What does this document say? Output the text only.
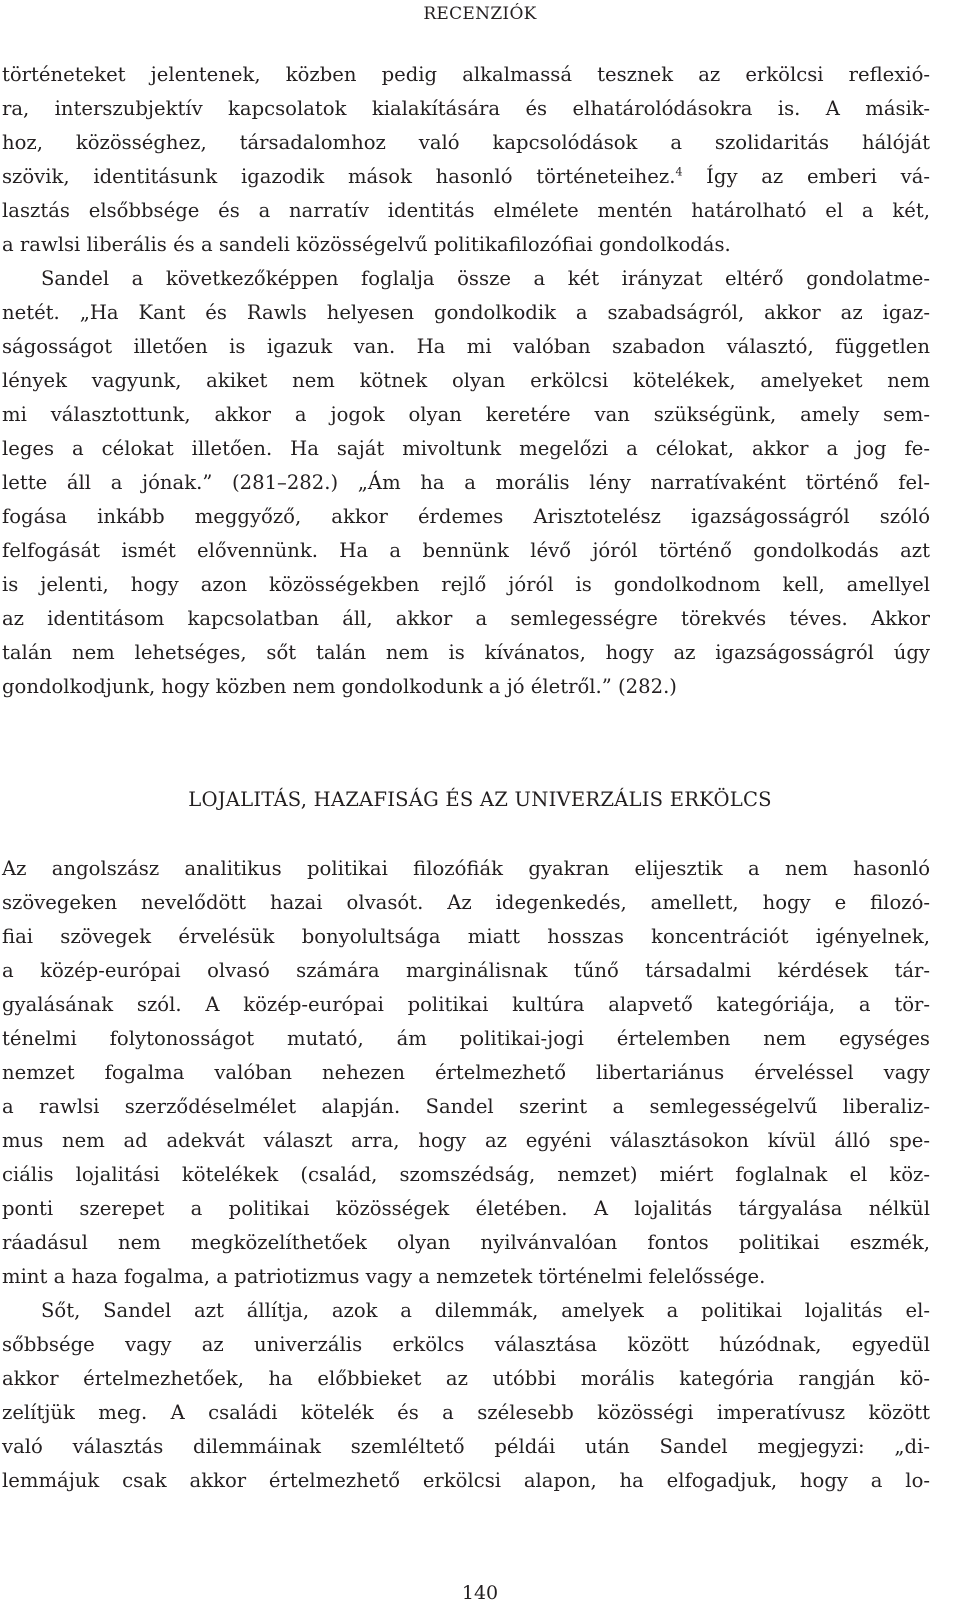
RECENZIÓK
történeteket jelentenek, közben pedig alkalmassá tesznek az erkölcsi reflexió-
ra, interszubjektív kapcsolatok kialakítására és elhatárolódásokra is. A másik-
hoz, közösséghez, társadalomhoz való kapcsolódások a szolidaritás hálóját
szövik, identitásunk igazodik mások hasonló történeteihez.$^4$ Így az emberi vá-
lasztás elsőbbsége és a narratív identitás elmélete mentén határolható el a két,
a rawlsi liberális és a sandeli közösségelvű politikafilozófiai gondolkodás.
Sandel a következőképpen foglalja össze a két irányzat eltérő gondolatme-
netét. „Ha Kant és Rawls helyesen gondolkodik a szabadságról, akkor az igaz-
ságosságot illetően is igazuk van. Ha mi valóban szabadon választó, független
lények vagyunk, akiket nem kötnek olyan erkölcsi kötelékek, amelyeket nem
mi választottunk, akkor a jogok olyan keretére van szükségünk, amely sem-
leges a célokat illetően. Ha saját mivoltunk megelőzi a célokat, akkor a jog fe-
lette áll a jónak.” (281–282.) „Ám ha a morális lény narratívaként történő fel-
fogása inkább meggyőző, akkor érdemes Arisztotelész igazságosságról szóló
felfogását ismét elővennünk. Ha a bennünk lévő jóról történő gondolkodás azt
is jelenti, hogy azon közösségekben rejlő jóról is gondolkodnom kell, amellyel
az identitásom kapcsolatban áll, akkor a semlegességre törekvés téves. Akkor
talán nem lehetséges, sőt talán nem is kívánatos, hogy az igazságosságról úgy
gondolkodjunk, hogy közben nem gondolkodunk a jó életről.” (282.)
LOJALITÁS, HAZAFISÁG ÉS AZ UNIVERZÁLIS ERKÖLCS
Az angolszász analitikus politikai filozófiák gyakran elijesztik a nem hasonló
szövegeken nevelődött hazai olvasót. Az idegenkedés, amellett, hogy e filozó-
fiai szövegek érvelésük bonyolultsága miatt hosszas koncentrációt igényelnek,
a közép-európai olvasó számára marginálisnak tűnő társadalmi kérdések tár-
gyalásának szól. A közép-európai politikai kultúra alapvető kategóriája, a tör-
ténelmi folytonosságot mutató, ám politikai-jogi értelemben nem egységes
nemzet fogalma valóban nehezen értelmezhető libertariánus érveléssel vagy
a rawlsi szerződéselmélet alapján. Sandel szerint a semlegességelvű liberaliz-
mus nem ad adekvát választ arra, hogy az egyéni választásokon kívül álló spe-
ciális lojalitási kötelékek (család, szomszédság, nemzet) miért foglalnak el köz-
ponti szerepet a politikai közösségek életében. A lojalitás tárgyalása nélkül
ráadásul nem megközelíthetőek olyan nyilvánvalóan fontos politikai eszmék,
mint a haza fogalma, a patriotizmus vagy a nemzetek történelmi felelőssége.
Sőt, Sandel azt állítja, azok a dilemmák, amelyek a politikai lojalitás el-
sőbbsége vagy az univerzális erkölcs választása között húzódnak, egyedül
akkor értelmezhetőek, ha előbbieket az utóbbi morális kategória rangján kö-
zelítjük meg. A családi kötelék és a szélesebb közösségi imperatívusz között
való választás dilemmáinak szemléltető példái után Sandel megjegyzi: „di-
lemmájuk csak akkor értelmezhető erkölcsi alapon, ha elfogadjuk, hogy a lo-
140
